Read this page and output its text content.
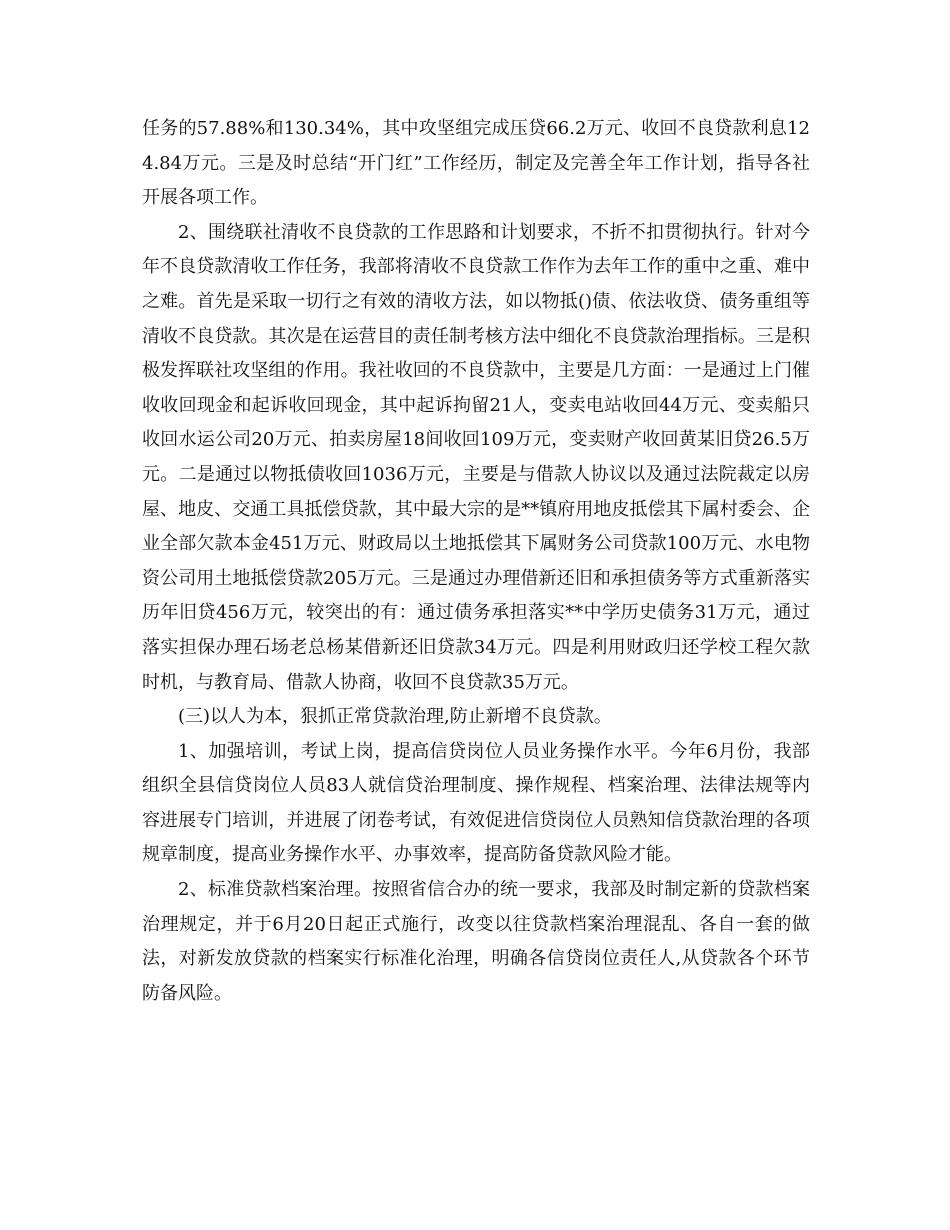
任务的57.88%和130.34%，其中攻坚组完成压贷66.2万元、收回不良贷款利息124.84万元。三是及时总结“开门红”工作经历，制定及完善全年工作计划，指导各社开展各项工作。

2、围绕联社清收不良贷款的工作思路和计划要求，不折不扣贯彻执行。针对今年不良贷款清收工作任务，我部将清收不良贷款工作作为去年工作的重中之重、难中之难。首先是采取一切行之有效的清收方法，如以物抵()债、依法收贷、债务重组等清收不良贷款。其次是在运营目的责任制考核方法中细化不良贷款治理指标。三是积极发挥联社攻坚组的作用。我社收回的不良贷款中，主要是几方面：一是通过上门催收收回现金和起诉收回现金，其中起诉拘留21人，变卖电站收回44万元、变卖船只收回水运公司20万元、拍卖房屋18间收回109万元，变卖财产收回黄某旧贷26.5万元。二是通过以物抵债收回1036万元，主要是与借款人协议以及通过法院裁定以房屋、地皮、交通工具抵偿贷款，其中最大宗的是**镇府用地皮抵偿其下属村委会、企业全部欠款本金451万元、财政局以土地抵偿其下属财务公司贷款100万元、水电物资公司用土地抵偿贷款205万元。三是通过办理借新还旧和承担债务等方式重新落实历年旧贷456万元，较突出的有：通过债务承担落实**中学历史债务31万元，通过落实担保办理石场老总杨某借新还旧贷款34万元。四是利用财政归还学校工程欠款时机，与教育局、借款人协商，收回不良贷款35万元。

(三)以人为本，狠抓正常贷款治理,防止新增不良贷款。

1、加强培训，考试上岗，提高信贷岗位人员业务操作水平。今年6月份，我部组织全县信贷岗位人员83人就信贷治理制度、操作规程、档案治理、法律法规等内容进展专门培训，并进展了闭卷考试，有效促进信贷岗位人员熟知信贷款治理的各项规章制度，提高业务操作水平、办事效率，提高防备贷款风险才能。

2、标准贷款档案治理。按照省信合办的统一要求，我部及时制定新的贷款档案治理规定，并于6月20日起正式施行，改变以往贷款档案治理混乱、各自一套的做法，对新发放贷款的档案实行标准化治理，明确各信贷岗位责任人,从贷款各个环节防备风险。
